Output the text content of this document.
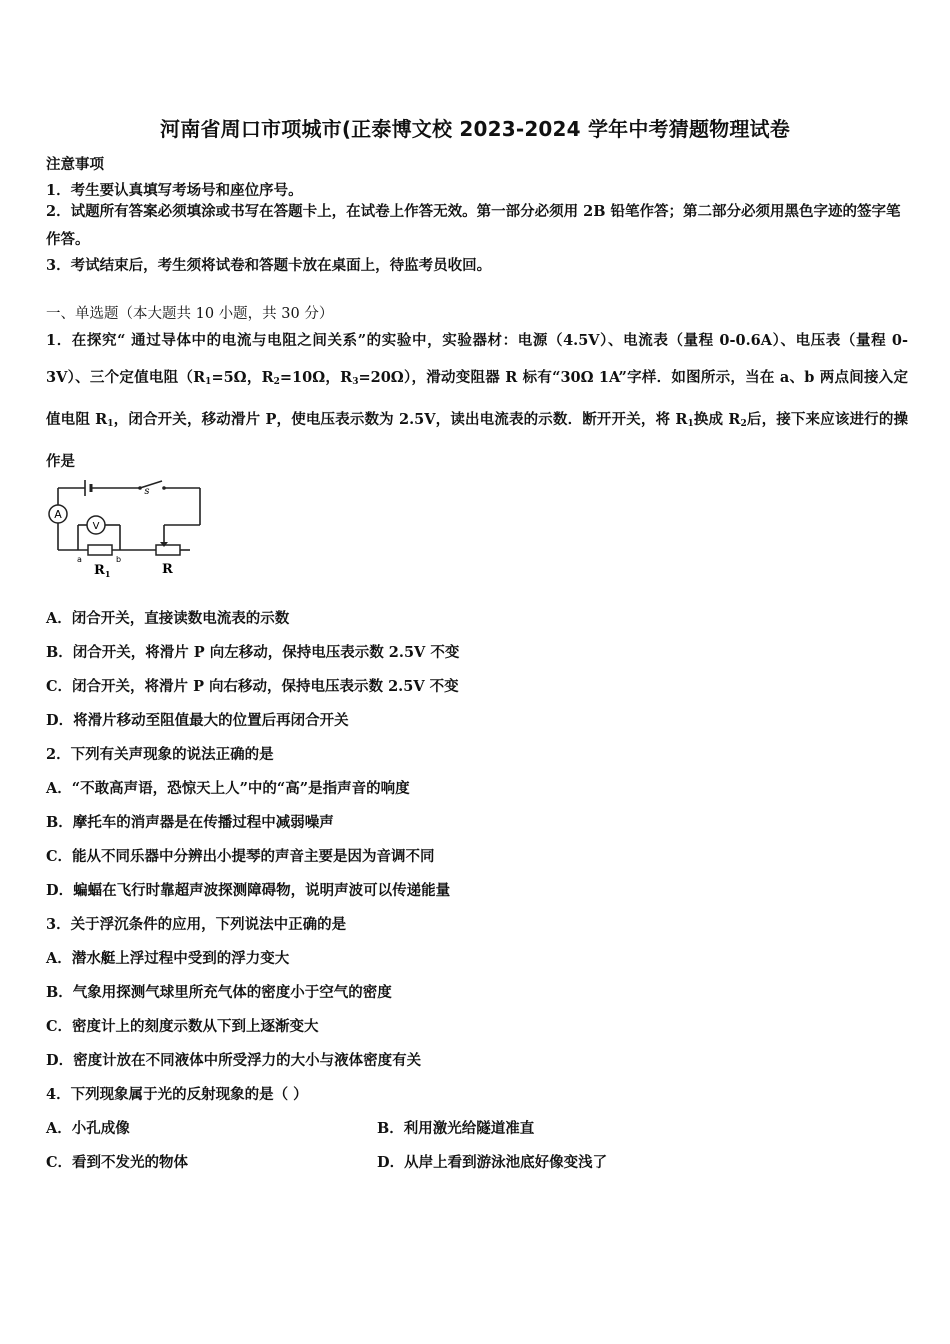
河南省周口市项城市(正泰博文校 2023-2024 学年中考猜题物理试卷
注意事项
1．考生要认真填写考场号和座位序号。
2．试题所有答案必须填涂或书写在答题卡上，在试卷上作答无效。第一部分必须用 2B 铅笔作答；第二部分必须用黑色字迹的签字笔作答。
3．考试结束后，考生须将试卷和答题卡放在桌面上，待监考员收回。
一、单选题（本大题共 10 小题，共 30 分）
1．在探究“ 通过导体中的电流与电阻之间关系”的实验中，实验器材：电源（4.5V）、电流表（量程 0-0.6A）、电压表（量程 0-3V）、三个定值电阻（$R_1=5\Omega$，$R_2=10\Omega$，$R_3=20\Omega$），滑动变阻器 R 标有“30Ω 1A”字样．如图所示，当在 a、b 两点间接入定值电阻 $R_1$，闭合开关，移动滑片 P，使电压表示数为 2.5V，读出电流表的示数．断开开关，将 $R_1$换成 $R_2$后，接下来应该进行的操作是
A
V
s
a	b
$R_1$	R
A．闭合开关，直接读数电流表的示数
B．闭合开关，将滑片 P 向左移动，保持电压表示数 2.5V 不变
C．闭合开关，将滑片 P 向右移动，保持电压表示数 2.5V 不变
D．将滑片移动至阻值最大的位置后再闭合开关
2．下列有关声现象的说法正确的是
A．“不敢高声语，恐惊天上人”中的“高”是指声音的响度
B．摩托车的消声器是在传播过程中减弱噪声
C．能从不同乐器中分辨出小提琴的声音主要是因为音调不同
D．蝙蝠在飞行时靠超声波探测障碍物，说明声波可以传递能量
3．关于浮沉条件的应用，下列说法中正确的是
A．潜水艇上浮过程中受到的浮力变大
B．气象用探测气球里所充气体的密度小于空气的密度
C．密度计上的刻度示数从下到上逐渐变大
D．密度计放在不同液体中所受浮力的大小与液体密度有关
4．下列现象属于光的反射现象的是（ ）
A．小孔成像	B．利用激光给隧道准直
C．看到不发光的物体	D．从岸上看到游泳池底好像变浅了
